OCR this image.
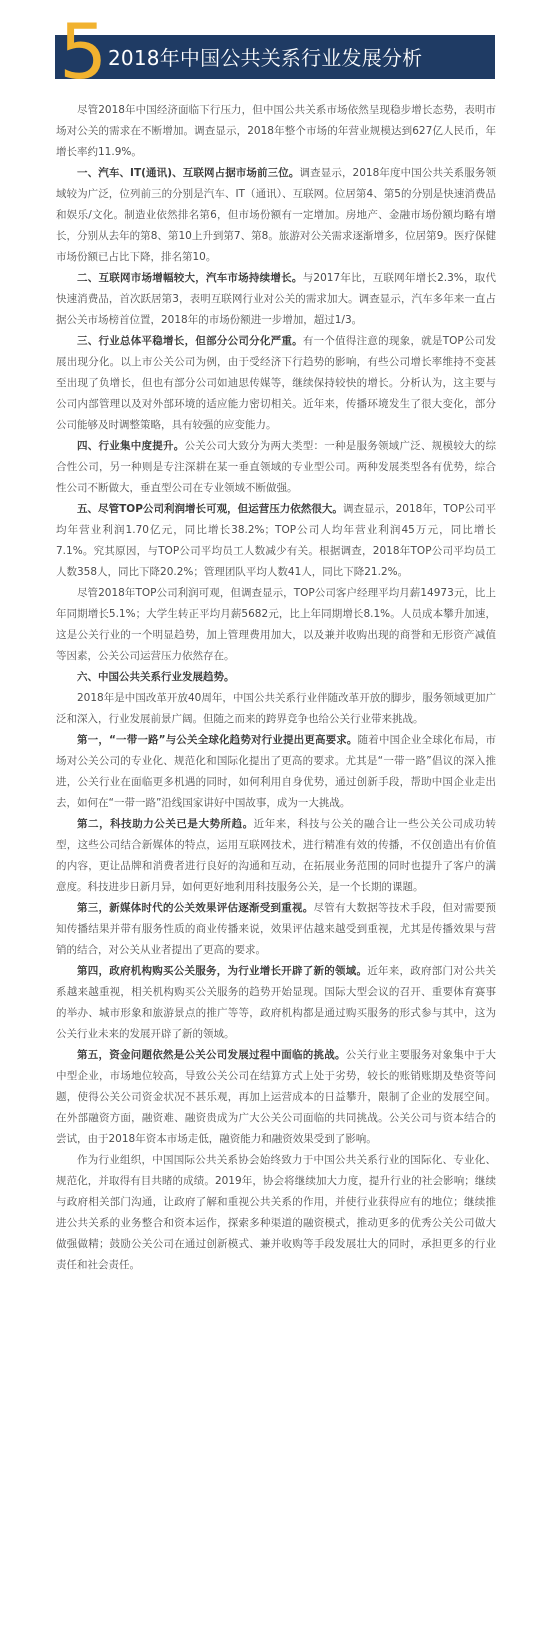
5 2018年中国公共关系行业发展分析

尽管2018年中国经济面临下行压力，但中国公共关系市场依然呈现稳步增长态势，表明市场对公关的需求在不断增加。调查显示，2018年整个市场的年营业规模达到627亿人民币，年增长率约11.9%。

一、汽车、IT(通讯)、互联网占据市场前三位。调查显示，2018年度中国公共关系服务领域较为广泛，位列前三的分别是汽车、IT（通讯）、互联网。位居第4、第5的分别是快速消费品和娱乐/文化。制造业依然排名第6，但市场份额有一定增加。房地产、金融市场份额均略有增长，分别从去年的第8、第10上升到第7、第8。旅游对公关需求逐渐增多，位居第9。医疗保健市场份额已占比下降，排名第10。

二、互联网市场增幅较大，汽车市场持续增长。与2017年比，互联网年增长2.3%，取代快速消费品，首次跃居第3，表明互联网行业对公关的需求加大。调查显示，汽车多年来一直占据公关市场榜首位置，2018年的市场份额进一步增加，超过1/3。

三、行业总体平稳增长，但部分公司分化严重。有一个值得注意的现象，就是TOP公司发展出现分化。以上市公关公司为例，由于受经济下行趋势的影响，有些公司增长率维持不变甚至出现了负增长，但也有部分公司如迪思传媒等，继续保持较快的增长。分析认为，这主要与公司内部管理以及对外部环境的适应能力密切相关。近年来，传播环境发生了很大变化，部分公司能够及时调整策略，具有较强的应变能力。

四、行业集中度提升。公关公司大致分为两大类型：一种是服务领域广泛、规模较大的综合性公司，另一种则是专注深耕在某一垂直领域的专业型公司。两种发展类型各有优势，综合性公司不断做大，垂直型公司在专业领域不断做强。

五、尽管TOP公司利润增长可观，但运营压力依然很大。调查显示，2018年，TOP公司平均年营业利润1.70亿元，同比增长38.2%；TOP公司人均年营业利润45万元，同比增长7.1%。究其原因，与TOP公司平均员工人数减少有关。根据调查，2018年TOP公司平均员工人数358人，同比下降20.2%；管理团队平均人数41人，同比下降21.2%。

尽管2018年TOP公司利润可观，但调查显示，TOP公司客户经理平均月薪14973元，比上年同期增长5.1%；大学生转正平均月薪5682元，比上年同期增长8.1%。人员成本攀升加速，这是公关行业的一个明显趋势，加上管理费用加大，以及兼并收购出现的商誉和无形资产减值等因素，公关公司运营压力依然存在。

六、中国公共关系行业发展趋势。

2018年是中国改革开放40周年，中国公共关系行业伴随改革开放的脚步，服务领域更加广泛和深入，行业发展前景广阔。但随之而来的跨界竞争也给公关行业带来挑战。

第一，“一带一路”与公关全球化趋势对行业提出更高要求。随着中国企业全球化布局，市场对公关公司的专业化、规范化和国际化提出了更高的要求。尤其是“一带一路”倡议的深入推进，公关行业在面临更多机遇的同时，如何利用自身优势，通过创新手段，帮助中国企业走出去，如何在“一带一路”沿线国家讲好中国故事，成为一大挑战。

第二，科技助力公关已是大势所趋。近年来，科技与公关的融合让一些公关公司成功转型，这些公司结合新媒体的特点，运用互联网技术，进行精准有效的传播，不仅创造出有价值的内容，更让品牌和消费者进行良好的沟通和互动，在拓展业务范围的同时也提升了客户的满意度。科技进步日新月异，如何更好地利用科技服务公关，是一个长期的课题。

第三，新媒体时代的公关效果评估逐渐受到重视。尽管有大数据等技术手段，但对需要预知传播结果并带有服务性质的商业传播来说，效果评估越来越受到重视，尤其是传播效果与营销的结合，对公关从业者提出了更高的要求。

第四，政府机构购买公关服务，为行业增长开辟了新的领域。近年来，政府部门对公共关系越来越重视，相关机构购买公关服务的趋势开始显现。国际大型会议的召开、重要体育赛事的举办、城市形象和旅游景点的推广等等，政府机构都是通过购买服务的形式参与其中，这为公关行业未来的发展开辟了新的领域。

第五，资金问题依然是公关公司发展过程中面临的挑战。公关行业主要服务对象集中于大中型企业，市场地位较高，导致公关公司在结算方式上处于劣势，较长的账销账期及垫资等问题，使得公关公司资金状况不甚乐观，再加上运营成本的日益攀升，限制了企业的发展空间。在外部融资方面，融资难、融资贵成为广大公关公司面临的共同挑战。公关公司与资本结合的尝试，由于2018年资本市场走低，融资能力和融资效果受到了影响。

作为行业组织，中国国际公共关系协会始终致力于中国公共关系行业的国际化、专业化、规范化，并取得有目共睹的成绩。2019年，协会将继续加大力度，提升行业的社会影响；继续与政府相关部门沟通，让政府了解和重视公共关系的作用，并使行业获得应有的地位；继续推进公共关系的业务整合和资本运作，探索多种渠道的融资模式，推动更多的优秀公关公司做大做强做精；鼓励公关公司在通过创新模式、兼并收购等手段发展壮大的同时，承担更多的行业责任和社会责任。
